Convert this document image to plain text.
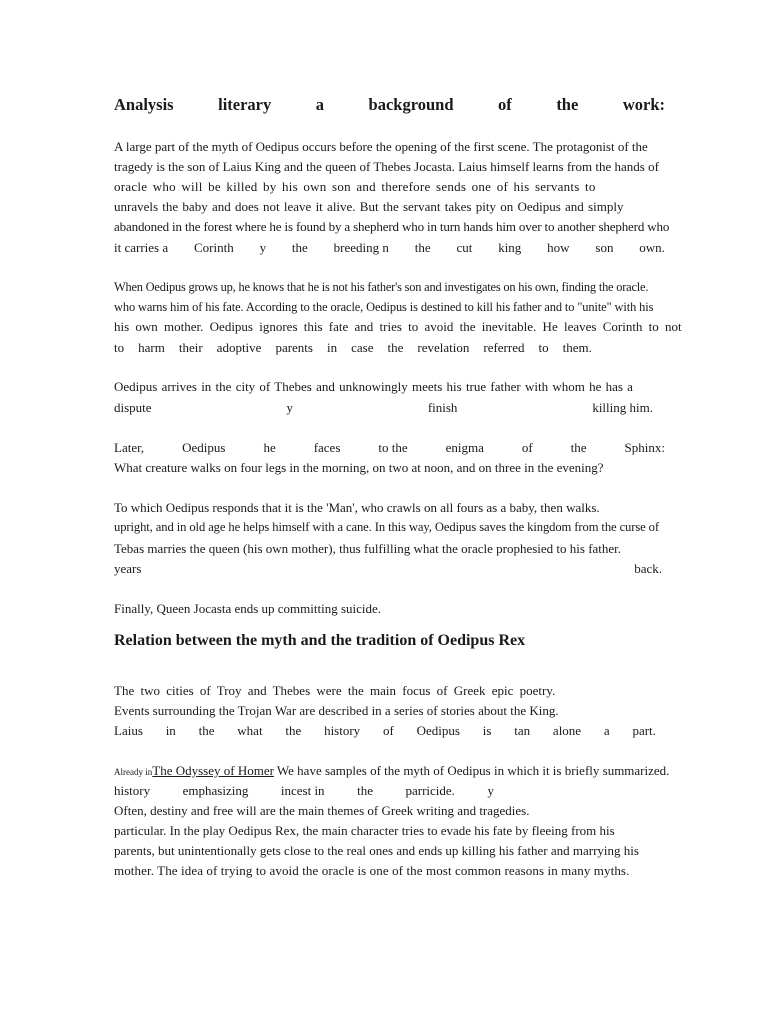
Analysis	literary	a	background	of	the	work:
A large part of the myth of Oedipus occurs before the opening of the first scene. The protagonist of the
tragedy is the son of Laius King and the queen of Thebes Jocasta. Laius himself learns from the hands of
oracle who will be killed by his own son and therefore sends one of his servants to
unravels the baby and does not leave it alive. But the servant takes pity on Oedipus and simply
abandoned in the forest where he is found by a shepherd who in turn hands him over to another shepherd who
it carries a Corinth y the breeding n the cut king how son own.
When Oedipus grows up, he knows that he is not his father's son and investigates on his own, finding the oracle.
who warns him of his fate. According to the oracle, Oedipus is destined to kill his father and to "unite" with his
his own mother. Oedipus ignores this fate and tries to avoid the inevitable. He leaves Corinth to not
to harm their adoptive parents in case the revelation referred to them.
Oedipus arrives in the city of Thebes and unknowingly meets his true father with whom he has a
dispute	y	finish	killing him.
Later,	Oedipus	he	faces	to the	enigma	of	the	Sphinx:
What creature walks on four legs in the morning, on two at noon, and on three in the evening?
To which Oedipus responds that it is the 'Man', who crawls on all fours as a baby, then walks.
upright, and in old age he helps himself with a cane. In this way, Oedipus saves the kingdom from the curse of
Tebas marries the queen (his own mother), thus fulfilling what the oracle prophesied to his father.
years	back.
Finally, Queen Jocasta ends up committing suicide.
Relation between the myth and the tradition of Oedipus Rex
The two cities of Troy and Thebes were the main focus of Greek epic poetry.
Events surrounding the Trojan War are described in a series of stories about the King.
Laius in the what the history of Oedipus is tan alone a part.
Already in The Odyssey of Homer We have samples of the myth of Oedipus in which it is briefly summarized.
history	emphasizing	incest in	the	parricide.	y
Often, destiny and free will are the main themes of Greek writing and tragedies.
particular. In the play Oedipus Rex, the main character tries to evade his fate by fleeing from his
parents, but unintentionally gets close to the real ones and ends up killing his father and marrying his
mother. The idea of trying to avoid the oracle is one of the most common reasons in many myths.
